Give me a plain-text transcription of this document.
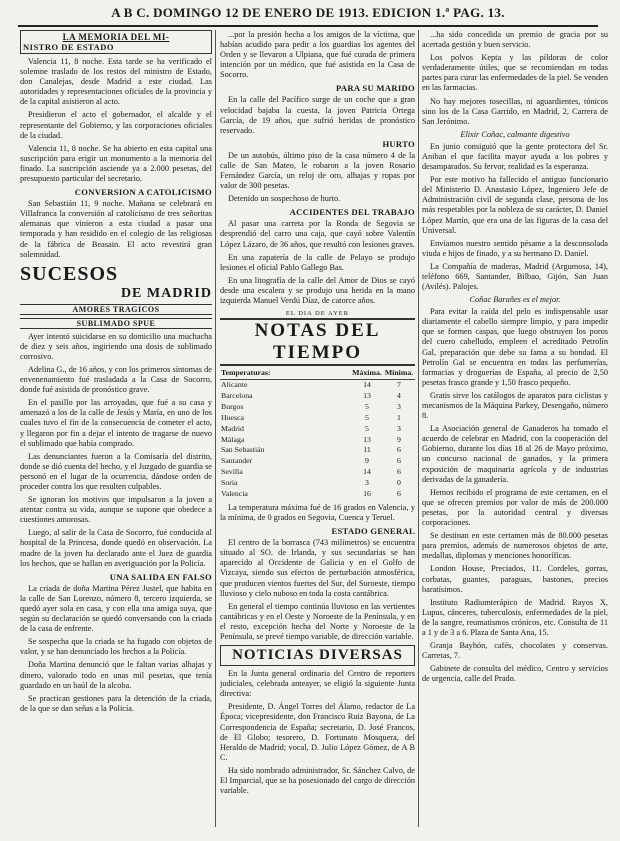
A B C. DOMINGO 12 DE ENERO DE 1913. EDICION 1.ª PAG. 13.
LA MEMORIA DEL MI-
NISTRO DE ESTADO

Valencia 11, 8 noche. Esta tarde se ha verificado el solemne traslado de los restos del ministro de Estado, don Canalejas, desde Madrid a este ciudad. Las autoridades y representaciones oficiales de la provincia y de la capital asistieron al acto.

Presidieron el acto el gobernador, el alcalde y el representante del Gobierno, y las corporaciones oficiales de la ciudad.

Valencia 11, 8 noche. Se ha abierto en esta capital una suscripción para erigir un monumento a la memoria del finado. La suscripción asciende ya a 2.000 pesetas, del presupuesto particular del secretario.

CONVERSION A CATOLICISMO

San Sebastián 11, 9 noche. Mañana se celebrará en Villafranca la conversión al catolicismo de tres señoritas alemanas que vinieron a esta ciudad a pasar una temporada y han residido en el colegio de las religiosas de la fábrica de Beasain. El acto revestirá gran solemnidad.

SUCESOS
DE MADRID
AMORES TRAGICOS
SUBLIMADO SPUE

Ayer intentó suicidarse en su domicilio una muchacha de diez y seis años, ingiriendo una dosis de sublimado corrosivo.

Adelina G., de 16 años, y con los primeros síntomas de envenenamiento fué trasladada a la Casa de Socorro, donde fué asistida de pronóstico grave.

En el pasillo por las arroyadas, que fué a su casa y amenazó a los de la calle de Jesús y María, en uno de los cuales tuvo el fin de la consecuencia de cometer el acto, y llegaron por fin a dejar el intento de tragarse de nuevo el sublimado que había comprado.

Las denunciantes fueron a la Comisaría del distrito, donde se dió cuenta del hecho, y el Juzgado de guardia se personó en el lugar de la ocurrencia, dándose orden de proceder contra los que resulten culpables.

Se ignoran los motivos que impulsaron a la joven a atentar contra su vida, aunque se supone que obedece a cuestiones amorosas.

Luego, al salir de la Casa de Socorro, fué conducida al hospital de la Princesa, donde quedó en observación. La madre de la joven ha declarado ante el Juez de guardia los hechos, que se hallan en averiguación por la Policía.

UNA SALIDA EN FALSO

La criada de doña Martina Pérez Justel, que habita en la calle de San Lorenzo, número 8, tercero izquierda, se quedó ayer sola en casa, y con ella una amiga suya, que según su declaración se quedó conversando con la criada de la casa de enfrente.

Se sospecha que la criada se ha fugado con objetos de valor, y se han denunciado los hechos a la Policía.

Doña Martina denunció que le faltan varias alhajas y dinero, valorado todo en unas mil pesetas, que tenía guardado en un baúl de la alcoba.

Se practican gestiones para la detención de la criada, de la que se dan señas a la Policía.

...por la presión hecha a los amigos de la víctima, que habían acudido para pedir a los guardias los agentes del Orden y se llevaron a Ulpiana, que fué curada de primera intención por un médico, que fué asistida en la Casa de Socorro.

PARA SU MARIDO

En la calle del Pacífico surge de un coche que a gran velocidad bajaba la cuesta, la joven Patricia Ortega García, de 19 años, que sufrió heridas de pronóstico reservado.

HURTO

De un autobús, último piso de la casa número 4 de la calle de San Mateo, le robaron a la joven Rosario Fernández García, un reloj de oro, alhajas y ropas por valor de 300 pesetas.

Detenido un sospechoso de hurto.

ACCIDENTES DEL TRABAJO

Al pasar una carreta por la Ronda de Segovia se desprendió del carro una caja, que cayó sobre Valentín López Lázaro, de 36 años, que resultó con lesiones graves.

En una zapatería de la calle de Pelayo se produjo lesiones el oficial Pablo Gallego Bas.

En una litografía de la calle del Amor de Dios se cayó desde una escalera y se produjo una herida en la mano izquierda Manuel Verdú Díaz, de catorce años.

EL DIA DE AYER
NOTAS DEL TIEMPO
Temperaturas:	Máxima.	Mínima.
Alicante	14	7
Barcelona	13	4
Burgos	5	3
Huesca	5	1
Madrid	5	3
Málaga	13	9
San Sebastián	11	6
Santander	9	6
Sevilla	14	6
Soria	3	0
Valencia	16	6

La temperatura máxima fué de 16 grados en Valencia, y la mínima, de 0 grados en Segovia, Cuenca y Teruel.

ESTADO GENERAL

El centro de la borrasca (743 milímetros) se encuentra situado al SO. de Irlanda, y sus secundarias se han aparecido al Occidente de Galicia y en el Golfo de Vizcaya, siendo sus efectos de perturbación atmosférica, que producen vientos fuertes del Sur, del Suroeste, tiempo lluvioso y cielo nuboso en toda la costa cantábrica.

En general el tiempo continúa lluvioso en las vertientes cantábricas y en el Oeste y Noroeste de la Península, y en el resto, excepción hecha del Norte y Noroeste de la Península, se prevé tiempo variable, de dirección variable.

NOTICIAS DIVERSAS

En la Junta general ordinaria del Centro de reporters judiciales, celebrada anteayer, se eligió la siguiente Junta directiva:

Presidente, D. Ángel Torres del Álamo, redactor de La Época; vicepresidente, don Francisco Ruiz Bayona, de La Correspondencia de España; secretario, D. José Francos, de El Globo; tesorero, D. Fortunato Mosquera, del Heraldo de Madrid; vocal, D. Julio López Gómez, de A B C.

Ha sido nombrado administrador, Sr. Sánchez Calvo, de El Imparcial, que se ha posesionado del cargo de dirección variable.

...ha sido concedida un premio de gracia por su acertada gestión y buen servicio.

Los polvos Kepta y las píldoras de color verdaderamente útiles, que se recomiendan en todas partes para curar las enfermedades de la piel. Se venden en las farmacias.

No hay mejores tosecillas, ni aguardientes, tónicos sino los de la Casa Garrido, en Madrid, 2, Carrera de San Jerónimo.

Elixir Coñac, calmante digestivo

En junio consiguió que la gente protectora del Sr. Aniban el que facilita mayor ayuda a los pobres y desamparados. Su fervor, realidad es la esperanza.

Por este motivo ha fallecido el antiguo funcionario del Ministerio D. Anastasio López, Ingeniero Jefe de Administración civil de segunda clase, persona de los más respetables por la nobleza de su carácter, D. Daniel López Martín, que era una de las figuras de la casa del Universal.

Enviamos nuestro sentido pésame a la desconsolada viuda e hijos de finado, y a su hermano D. Daniel.

La Compañía de maderas, Madrid (Argumosa, 14), teléfono 669, Santander, Bilbao, Gijón, San Juan (Avilés). Palojes.

Coñac Barañes es el mejor.

Para evitar la caída del pelo es indispensable usar diariamente el cabello siempre limpio, y para impedir que se formen caspas, que luego obstruyen los poros del cuero cabelludo, empleen el acreditado Petrolín Gal, preparación que debe su fama a su bondad. El Petrolín Gal se encuentra en todas las perfumerías, farmacias y droguerías de España, al precio de 2,50 pesetas frasco grande y 1,50 frasco pequeño.

Gratis sirve los catálogos de aparatos para ciclistas y mecanismos de la Máquina Parkey, Desengaño, número 8.

La Asociación general de Ganaderos ha tomado el acuerdo de celebrar en Madrid, con la cooperación del Gobierno, durante los días 18 al 26 de Mayo próximo, un concurso nacional de ganados, y la primera exposición de maquinaria agrícola y de industrias derivadas de la ganadería.

Hemos recibido el programa de este certamen, en el que se ofrecen premios por valor de más de 200.000 pesetas, por la autoridad central y diversas corporaciones.

Se destinan en este certamen más de 80.000 pesetas para premios, además de numerosos objetos de arte, medallas, diplomas y menciones honoríficas.

London House, Preciados, 11. Cordeles, gorras, corbatas, guantes, paraguas, bastones, precios baratísimos.

Instituto Radiumterápico de Madrid. Rayos X, Lupus, cánceres, tuberculosis, enfermedades de la piel, de la sangre, reumatismos crónicos, etc. Consulta de 11 a 1 y de 3 a 6. Plaza de Santa Ana, 15.

Granja Bayhón, cafés, chocolates y conservas. Carretas, 7.

Gabinete de consulta del médico, Centro y servicios de urgencia, calle del Prado.
